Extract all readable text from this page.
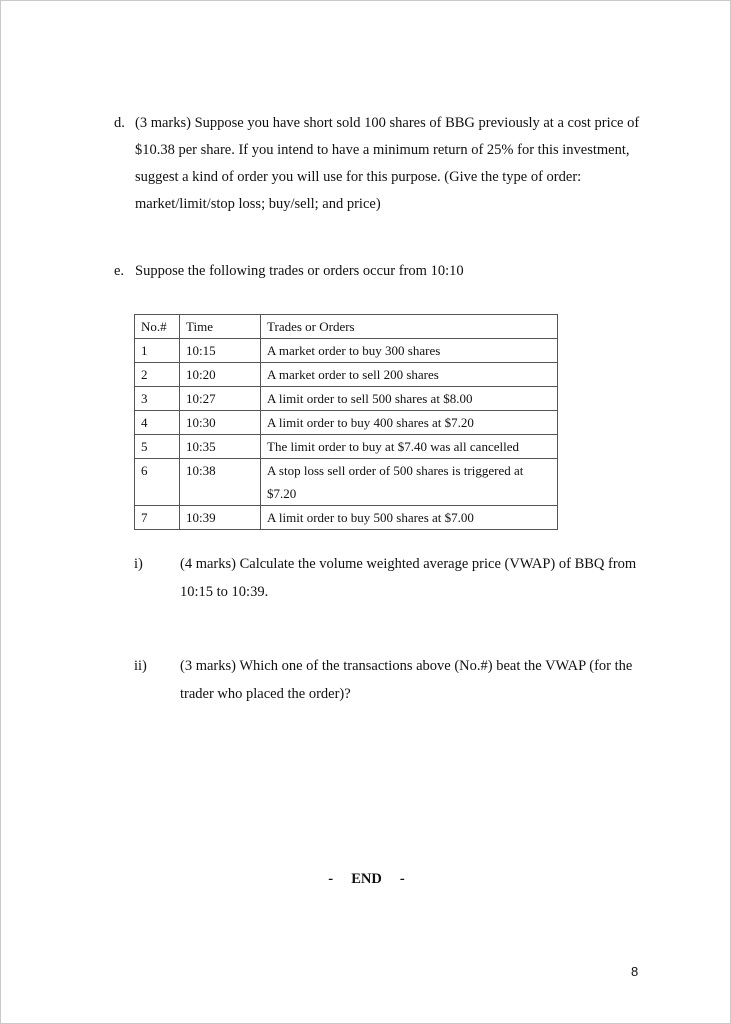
d. (3 marks) Suppose you have short sold 100 shares of BBG previously at a cost price of $10.38 per share. If you intend to have a minimum return of 25% for this investment, suggest a kind of order you will use for this purpose. (Give the type of order: market/limit/stop loss; buy/sell; and price)
e. Suppose the following trades or orders occur from 10:10
No.#	Time	Trades or Orders
1	10:15	A market order to buy 300 shares
2	10:20	A market order to sell 200 shares
3	10:27	A limit order to sell 500 shares at $8.00
4	10:30	A limit order to buy 400 shares at $7.20
5	10:35	The limit order to buy at $7.40 was all cancelled
6	10:38	A stop loss sell order of 500 shares is triggered at $7.20
7	10:39	A limit order to buy 500 shares at $7.00
i)	(4 marks) Calculate the volume weighted average price (VWAP) of BBQ from 10:15 to 10:39.
ii) (3 marks) Which one of the transactions above (No.#) beat the VWAP (for the trader who placed the order)?
-     END     -
8
